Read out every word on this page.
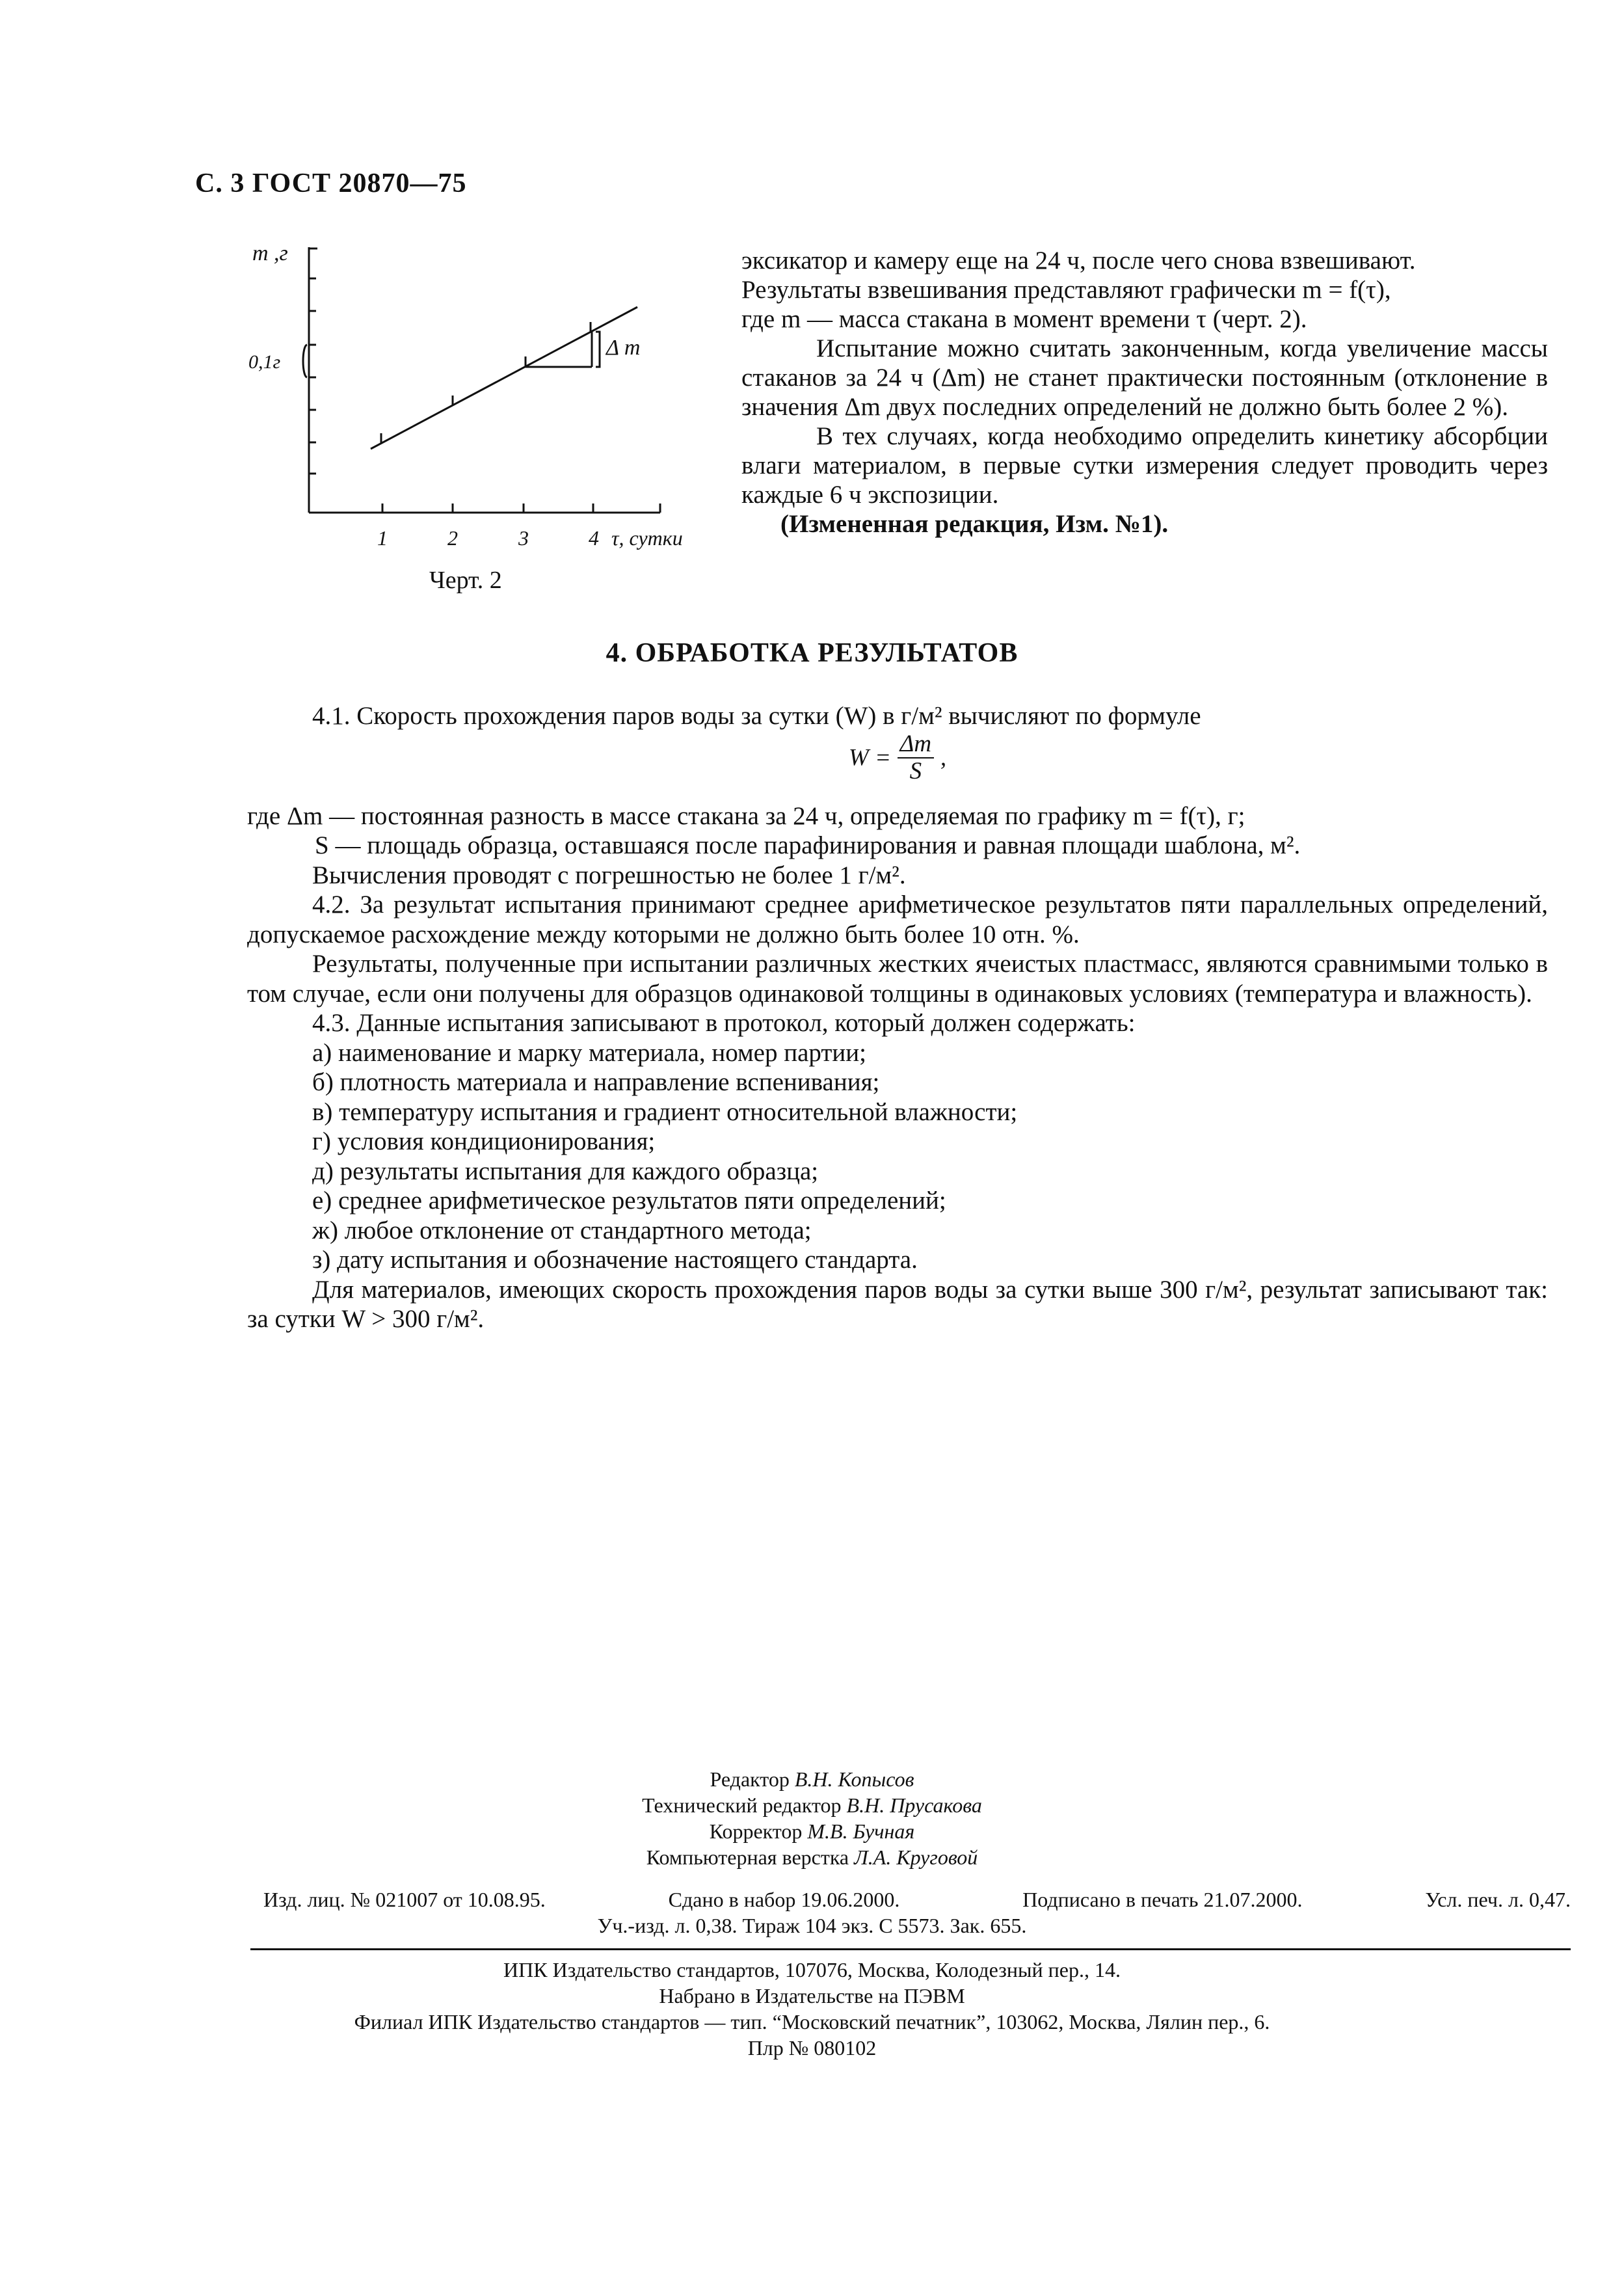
С. 3 ГОСТ 20870—75
m ,г
0,1г
Δ m
1	2	3	4 τ, сутки
Черт. 2

эксикатор и камеру еще на 24 ч, после чего снова взвешивают.

Результаты взвешивания представляют графически m = f(τ),

где m — масса стакана в момент времени τ (черт. 2).

Испытание можно считать законченным, когда увеличение массы стаканов за 24 ч (Δm) не станет практически постоянным (отклонение в значения Δm двух последних определений не должно быть более 2 %).

В тех случаях, когда необходимо определить кинетику абсорбции влаги материалом, в первые сутки измерения следует проводить через каждые 6 ч экспозиции.

(Измененная редакция, Изм. №1).

4. ОБРАБОТКА РЕЗУЛЬТАТОВ

4.1. Скорость прохождения паров воды за сутки (W) в г/м² вычисляют по формуле

$W = \frac{\Delta m}{S}$ ,

где Δm — постоянная разность в массе стакана за 24 ч, определяемая по графику m = f(τ), г;

S — площадь образца, оставшаяся после парафинирования и равная площади шаблона, м².

Вычисления проводят с погрешностью не более 1 г/м².

4.2. За результат испытания принимают среднее арифметическое результатов пяти параллельных определений, допускаемое расхождение между которыми не должно быть более 10 отн. %.

Результаты, полученные при испытании различных жестких ячеистых пластмасс, являются сравнимыми только в том случае, если они получены для образцов одинаковой толщины в одинаковых условиях (температура и влажность).

4.3. Данные испытания записывают в протокол, который должен содержать:

а) наименование и марку материала, номер партии;

б) плотность материала и направление вспенивания;

в) температуру испытания и градиент относительной влажности;

г) условия кондиционирования;

д) результаты испытания для каждого образца;

е) среднее арифметическое результатов пяти определений;

ж) любое отклонение от стандартного метода;

з) дату испытания и обозначение настоящего стандарта.

Для материалов, имеющих скорость прохождения паров воды за сутки выше 300 г/м², результат записывают так: за сутки W > 300 г/м².

Редактор В.Н. Копысов
Технический редактор В.Н. Прусакова
Корректор М.В. Бучная
Компьютерная верстка Л.А. Круговой
Изд. лиц. № 021007 от 10.08.95.	Сдано в набор 19.06.2000.	Подписано в печать 21.07.2000.	Усл. печ. л. 0,47.
Уч.-изд. л. 0,38. Тираж 104 экз. С 5573. Зак. 655.
ИПК Издательство стандартов, 107076, Москва, Колодезный пер., 14.
Набрано в Издательстве на ПЭВМ
Филиал ИПК Издательство стандартов — тип. “Московский печатник”, 103062, Москва, Лялин пер., 6.
Плр № 080102
